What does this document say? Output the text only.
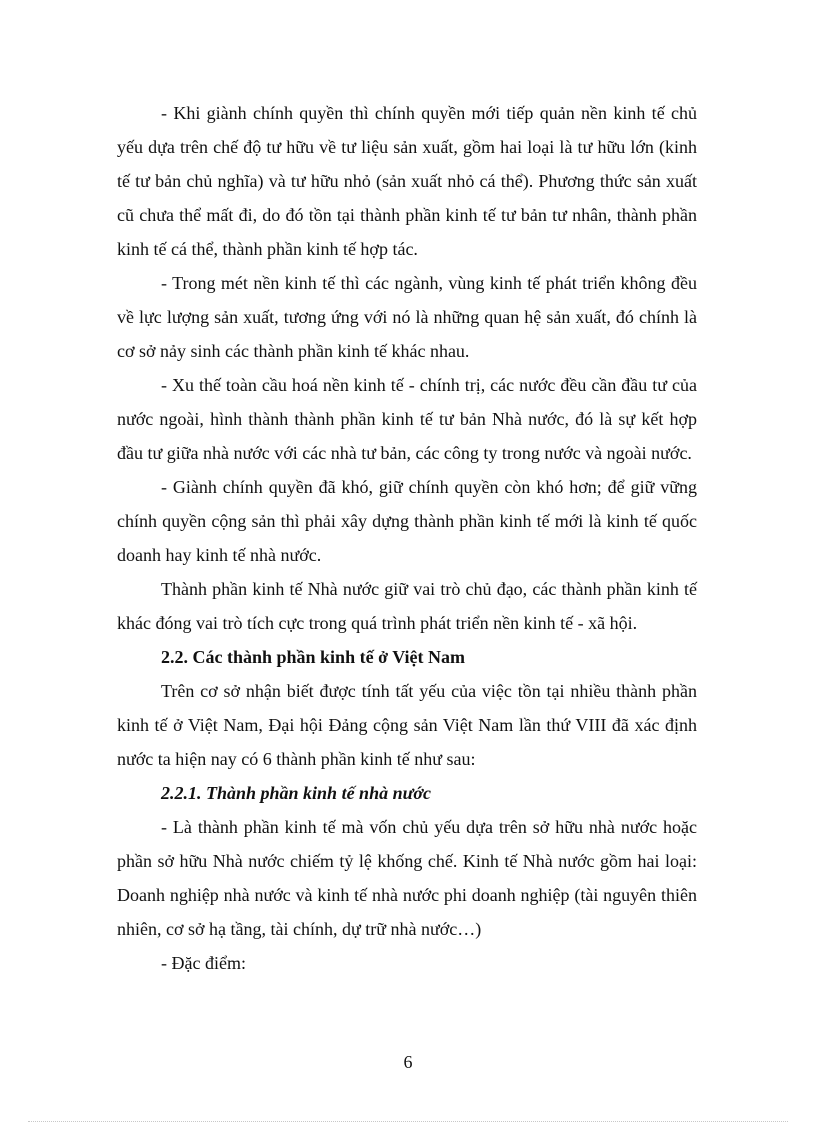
- Khi giành chính quyền thì chính quyền mới tiếp quản nền kinh tế chủ yếu dựa trên chế độ tư hữu về tư liệu sản xuất, gồm hai loại là tư hữu lớn (kinh tế tư bản chủ nghĩa) và tư hữu nhỏ (sản xuất nhỏ cá thể). Phương thức sản xuất cũ chưa thể mất đi, do đó tồn tại thành phần kinh tế tư bản tư nhân, thành phần kinh tế cá thể, thành phần kinh tế hợp tác.

- Trong mét nền kinh tế thì các ngành, vùng kinh tế phát triển không đều về lực lượng sản xuất, tương ứng với nó là những quan hệ sản xuất, đó chính là cơ sở nảy sinh các thành phần kinh tế khác nhau.

- Xu thế toàn cầu hoá nền kinh tế - chính trị, các nước đều cần đầu tư của nước ngoài, hình thành thành phần kinh tế tư bản Nhà nước, đó là sự kết hợp đầu tư giữa nhà nước với các nhà tư bản, các công ty trong nước và ngoài nước.

- Giành chính quyền đã khó, giữ chính quyền còn khó hơn; để giữ vững chính quyền cộng sản thì phải xây dựng thành phần kinh tế mới là kinh tế quốc doanh hay kinh tế nhà nước.

Thành phần kinh tế Nhà nước giữ vai trò chủ đạo, các thành phần kinh tế khác đóng vai trò tích cực trong quá trình phát triển nền kinh tế - xã hội.

2.2. Các thành phần kinh tế ở Việt Nam

Trên cơ sở nhận biết được tính tất yếu của việc tồn tại nhiều thành phần kinh tế ở Việt Nam, Đại hội Đảng cộng sản Việt Nam lần thứ VIII đã xác định nước ta hiện nay có 6 thành phần kinh tế như sau:

2.2.1. Thành phần kinh tế nhà nước

- Là thành phần kinh tế mà vốn chủ yếu dựa trên sở hữu nhà nước hoặc phần sở hữu Nhà nước chiếm tỷ lệ khống chế. Kinh tế Nhà nước gồm hai loại: Doanh nghiệp nhà nước và kinh tế nhà nước phi doanh nghiệp (tài nguyên thiên nhiên, cơ sở hạ tầng, tài chính, dự trữ nhà nước…)

- Đặc điểm:

6
